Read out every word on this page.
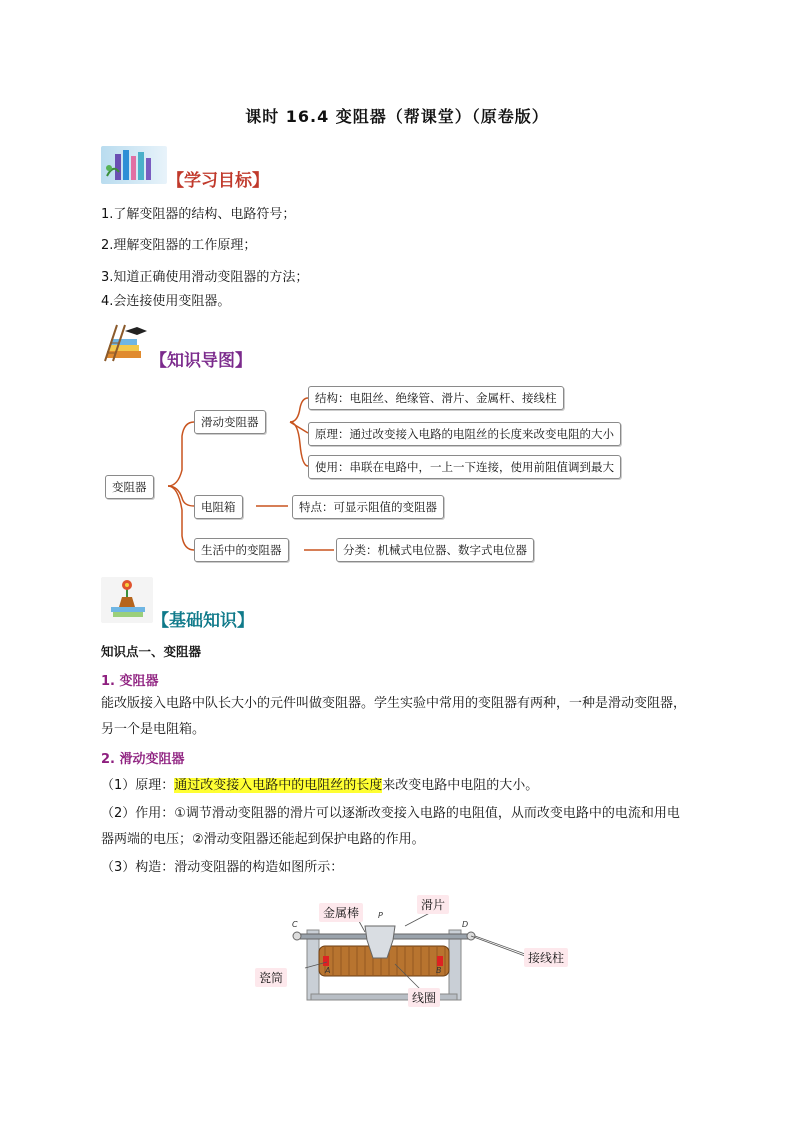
课时 16.4 变阻器（帮课堂）（原卷版）
【学习目标】
1.了解变阻器的结构、电路符号；
2.理解变阻器的工作原理；
3.知道正确使用滑动变阻器的方法；
4.会连接使用变阻器。
【知识导图】
变阻器
滑动变阻器
结构：电阻丝、绝缘管、滑片、金属杆、接线柱
原理：通过改变接入电路的电阻丝的长度来改变电阻的大小
使用：串联在电路中，一上一下连接，使用前阻值调到最大
电阻箱	特点：可显示阻值的变阻器
生活中的变阻器	分类：机械式电位器、数字式电位器
【基础知识】
知识点一、变阻器
1. 变阻器
能改版接入电路中队长大小的元件叫做变阻器。学生实验中常用的变阻器有两种，一种是滑动变阻器，
另一个是电阻箱。
2. 滑动变阻器
（1）原理：通过改变接入电路中的电阻丝的长度来改变电路中电阻的大小。
（2）作用：①调节滑动变阻器的滑片可以逐渐改变接入电路的电阻值，从而改变电路中的电流和用电
器两端的电压；②滑动变阻器还能起到保护电路的作用。
（3）构造：滑动变阻器的构造如图所示：
金属棒
滑片
接线柱
瓷筒
线圈
C	D
P
A	B
